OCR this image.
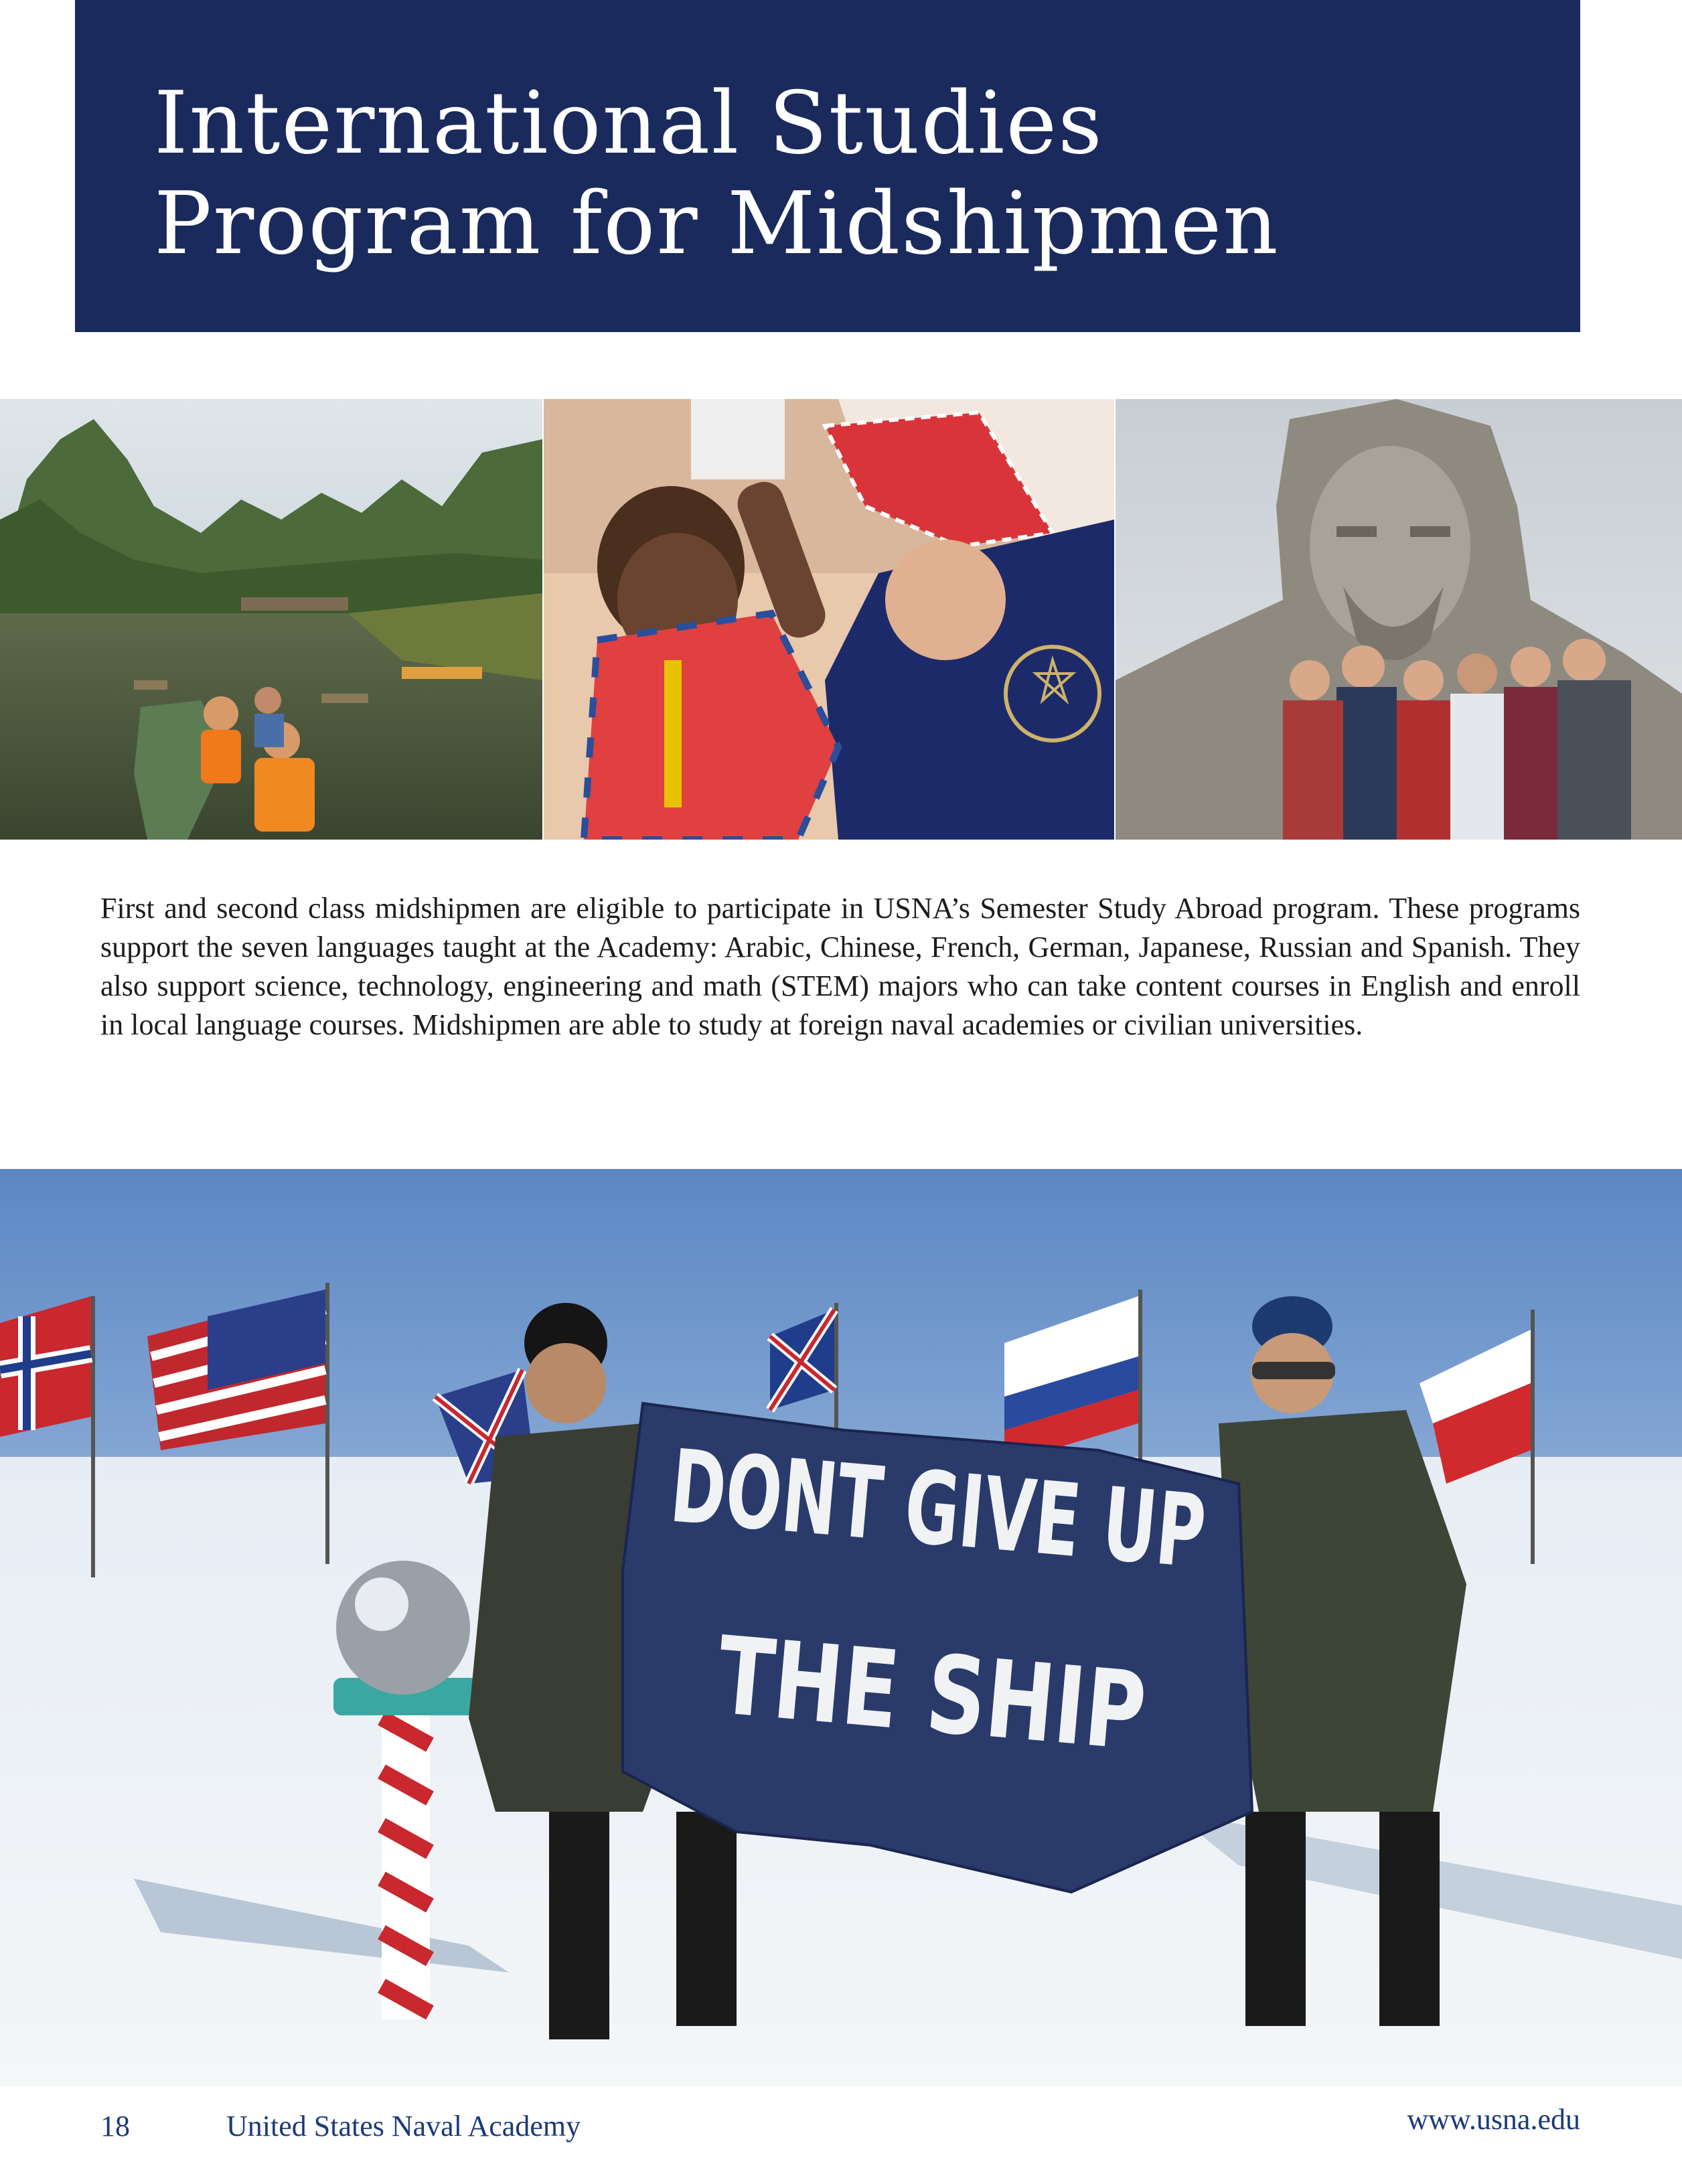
International Studies
Program for Midshipmen

First and second class midshipmen are eligible to participate in USNA’s Semester Study Abroad program. These programs support the seven languages taught at the Academy: Arabic, Chinese, French, German, Japanese, Russian and Spanish. They also support science, technology, engineering and math (STEM) majors who can take content courses in English and enroll in local language courses. Midshipmen are able to study at foreign naval academies or civilian universities.

DONT GIVE UP
THE SHIP
18	United States Naval Academy	www.usna.edu
